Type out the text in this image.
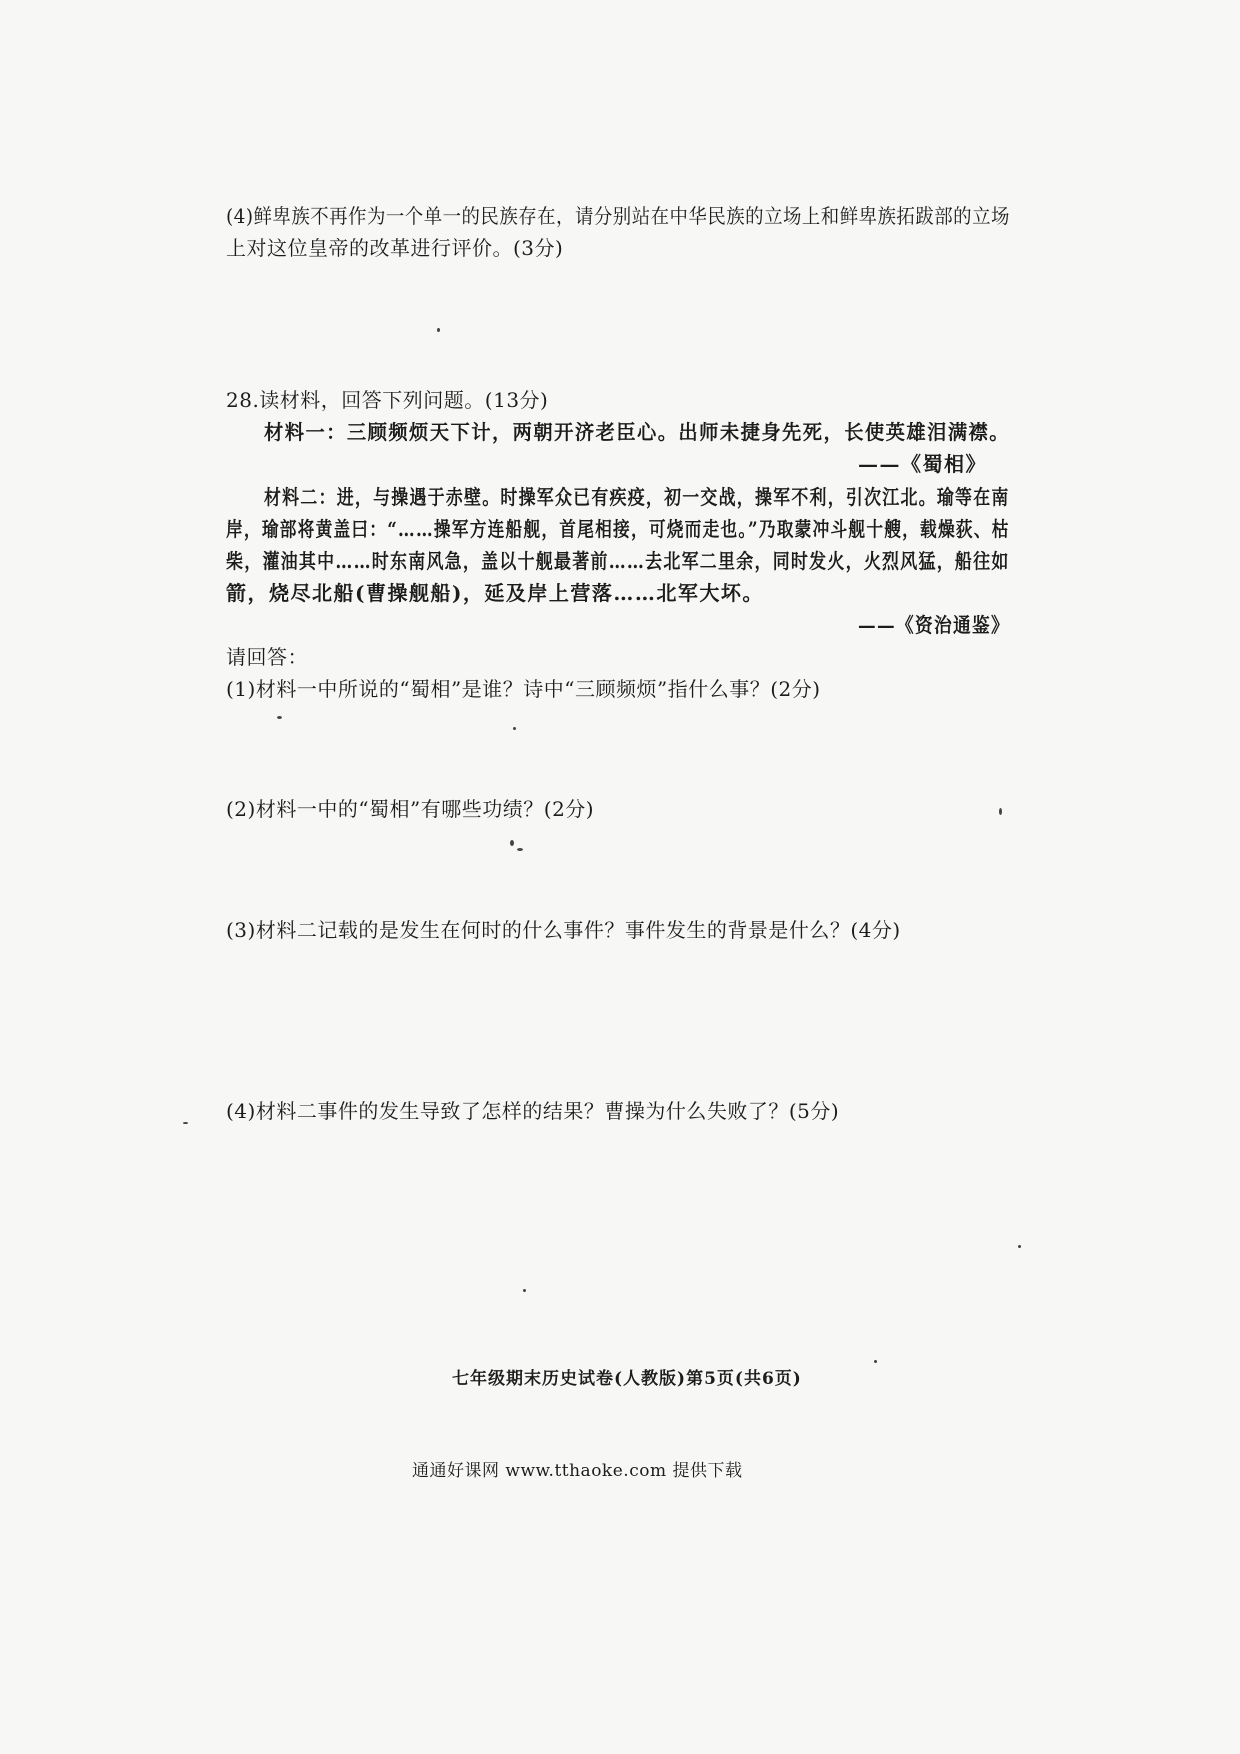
(4)鲜卑族不再作为一个单一的民族存在，请分别站在中华民族的立场上和鲜卑族拓跋部的立场
上对这位皇帝的改革进行评价。(3分)
28.读材料，回答下列问题。(13分)
材料一：三顾频烦天下计，两朝开济老臣心。出师未捷身先死，长使英雄泪满襟。
——《蜀相》
材料二：进，与操遇于赤壁。时操军众已有疾疫，初一交战，操军不利，引次江北。瑜等在南
岸，瑜部将黄盖曰：“……操军方连船舰，首尾相接，可烧而走也。”乃取蒙冲斗舰十艘，载燥荻、枯
柴，灌油其中……时东南风急，盖以十舰最著前……去北军二里余，同时发火，火烈风猛，船往如
箭，烧尽北船(曹操舰船)，延及岸上营落……北军大坏。
——《资治通鉴》
请回答：
(1)材料一中所说的“蜀相”是谁？诗中“三顾频烦”指什么事？(2分)
(2)材料一中的“蜀相”有哪些功绩？(2分)
(3)材料二记载的是发生在何时的什么事件？事件发生的背景是什么？(4分)
(4)材料二事件的发生导致了怎样的结果？曹操为什么失败了？(5分)
七年级期末历史试卷(人教版)第5页(共6页)
通通好课网 www.tthaoke.com 提供下载
